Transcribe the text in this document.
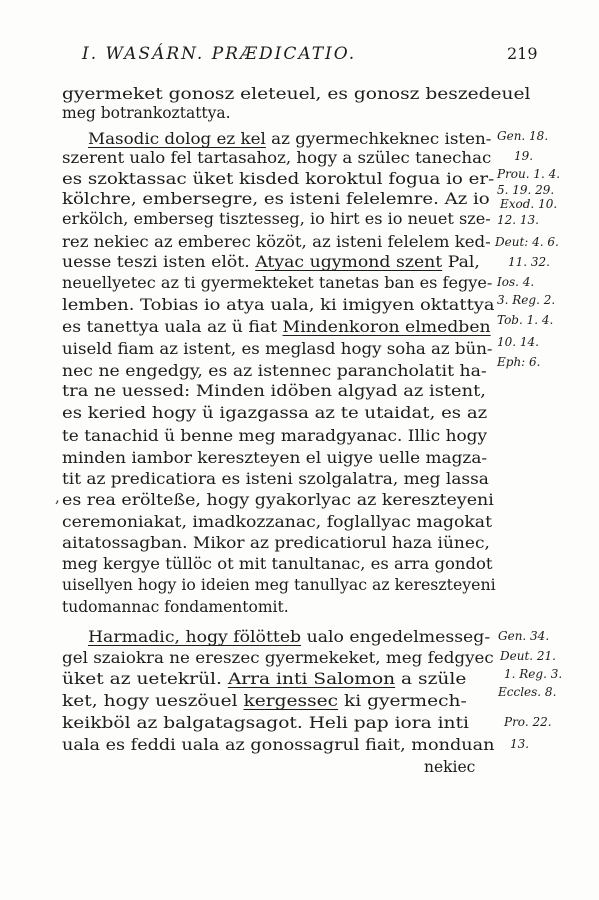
I. WASÁRN. PRÆDICATIO.	219
gyermeket gonosz eleteuel, es gonosz beszedeuel
meg botrankoztattya.
Masodic dolog ez kel az gyermechkeknec isten-
szerent ualo fel tartasahoz, hogy a szülec tanechac
es szoktassac üket kisded koroktul fogua io er-
kölchre, embersegre, es isteni felelemre. Az io
erkölch, emberseg tisztesseg, io hirt es io neuet sze-
rez nekiec az emberec közöt, az isteni felelem ked-
uesse teszi isten elöt. Atyac ugymond szent Pal,
neuellyetec az ti gyermekteket tanetas ban es fegye-
lemben. Tobias io atya uala, ki imigyen oktattya
es tanettya uala az ü fiat Mindenkoron elmedben
uiseld fiam az istent, es meglasd hogy soha az bün-
nec ne engedgy, es az istennec parancholatit ha-
tra ne uessed: Minden idöben algyad az istent,
es keried hogy ü igazgassa az te utaidat, es az
te tanachid ü benne meg maradgyanac. Illic hogy
minden iambor kereszteyen el uigye uelle magza-
tit az predicatiora es isteni szolgalatra, meg lassa
es rea erölteße, hogy gyakorlyac az kereszteyeni
ceremoniakat, imadkozzanac, foglallyac magokat
aitatossagban. Mikor az predicatiorul haza iünec,
meg kergye tüllöc ot mit tanultanac, es arra gondot
uisellyen hogy io ideien meg tanullyac az kereszteyeni
tudomannac fondamentomit.
Harmadic, hogy fölötteb ualo engedelmesseg-
gel szaiokra ne ereszec gyermekeket, meg fedgyec
üket az uetekrül. Arra inti Salomon a szüle
ket, hogy ueszöuel kergessec ki gyermech-
keikböl az balgatagsagot. Heli pap iora inti
uala es feddi uala az gonossagrul fiait, monduan
nekiec
Gen. 18.
19.
Prou. 1. 4.
5. 19. 29.
Exod. 10.
12. 13.
Deut: 4. 6.
11. 32.
Ios. 4.
3. Reg. 2.
Tob. 1. 4.
10. 14.
Eph: 6.
Gen. 34.
Deut. 21.
1. Reg. 3.
Eccles. 8.
Pro. 22.
13.
,
